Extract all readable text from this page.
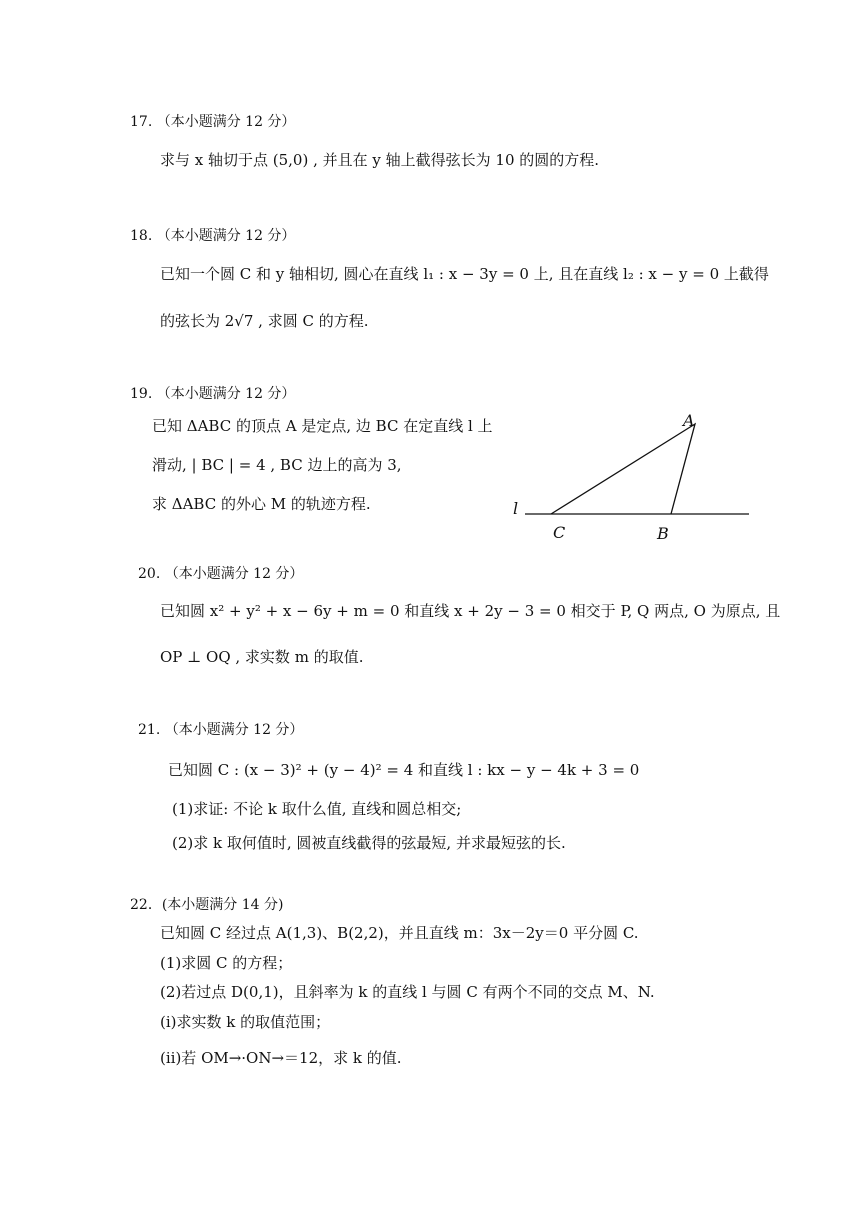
17. （本小题满分 12 分）
求与 x 轴切于点 (5,0) , 并且在 y 轴上截得弦长为 10 的圆的方程.
18. （本小题满分 12 分）
已知一个圆 C 和 y 轴相切, 圆心在直线 l₁ : x − 3y = 0 上, 且在直线 l₂ : x − y = 0 上截得
的弦长为 2√7 , 求圆 C 的方程.
19. （本小题满分 12 分）
已知 ΔABC 的顶点 A 是定点, 边 BC 在定直线 l 上
滑动, | BC | = 4 , BC 边上的高为 3,
求 ΔABC 的外心 M 的轨迹方程.
A
B
C
l
20. （本小题满分 12 分）
已知圆 x² + y² + x − 6y + m = 0 和直线 x + 2y − 3 = 0 相交于 P, Q 两点, O 为原点, 且
OP ⊥ OQ , 求实数 m 的取值.
21. （本小题满分 12 分）
已知圆 C : (x − 3)² + (y − 4)² = 4 和直线 l : kx − y − 4k + 3 = 0
(1)求证: 不论 k 取什么值, 直线和圆总相交;
(2)求 k 取何值时, 圆被直线截得的弦最短, 并求最短弦的长.
22．(本小题满分 14 分)
已知圆 C 经过点 A(1,3)、B(2,2)，并且直线 m：3x－2y＝0 平分圆 C.
(1)求圆 C 的方程；
(2)若过点 D(0,1)，且斜率为 k 的直线 l 与圆 C 有两个不同的交点 M、N.
(ⅰ)求实数 k 的取值范围；
(ⅱ)若 OM→·ON→＝12，求 k 的值.
